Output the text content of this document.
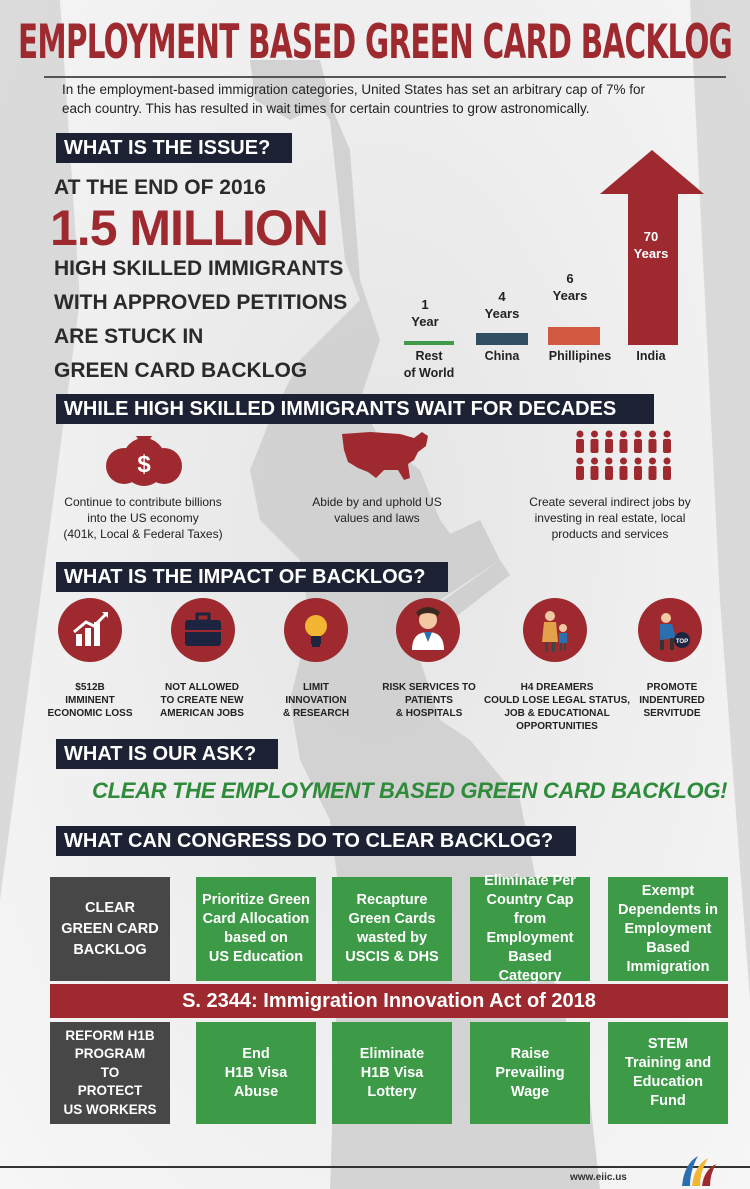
EMPLOYMENT BASED GREEN CARD BACKLOG
In the employment-based immigration categories, United States has set an arbitrary cap of 7% for
each country. This has resulted in wait times for certain countries to grow astronomically.
WHAT IS THE ISSUE?
AT THE END OF 2016
1.5 MILLION
HIGH SKILLED IMMIGRANTS
WITH APPROVED PETITIONS
ARE STUCK IN
GREEN CARD BACKLOG
1
Year
4
Years
6
Years
70
Years
Rest
of World
China	Phillipines	India
WHILE HIGH SKILLED IMMIGRANTS WAIT FOR DECADES
$
Continue to contribute billions
into the US economy
(401k, Local & Federal Taxes)
Abide by and uphold US
values and laws
Create several indirect jobs by
investing in real estate, local
products and services
WHAT IS THE IMPACT OF BACKLOG?
TOP
$512B
IMMINENT
ECONOMIC LOSS
NOT ALLOWED
TO CREATE NEW
AMERICAN JOBS
LIMIT
INNOVATION
& RESEARCH
RISK SERVICES TO
PATIENTS
& HOSPITALS
H4 DREAMERS
COULD LOSE LEGAL STATUS,
JOB & EDUCATIONAL
OPPORTUNITIES
PROMOTE
INDENTURED
SERVITUDE
WHAT IS OUR ASK?
CLEAR THE EMPLOYMENT BASED GREEN CARD BACKLOG!
WHAT CAN CONGRESS DO TO CLEAR BACKLOG?
CLEAR
GREEN CARD
BACKLOG
Prioritize Green
Card Allocation
based on
US Education
Recapture
Green Cards
wasted by
USCIS & DHS
Eliminate Per
Country Cap
from
Employment
Based Category
Exempt
Dependents in
Employment
Based
Immigration
S. 2344: Immigration Innovation Act of 2018
REFORM H1B
PROGRAM
TO
PROTECT
US WORKERS
End
H1B Visa
Abuse
Eliminate
H1B Visa
Lottery
Raise
Prevailing
Wage
STEM
Training and
Education Fund
www.eiic.us
